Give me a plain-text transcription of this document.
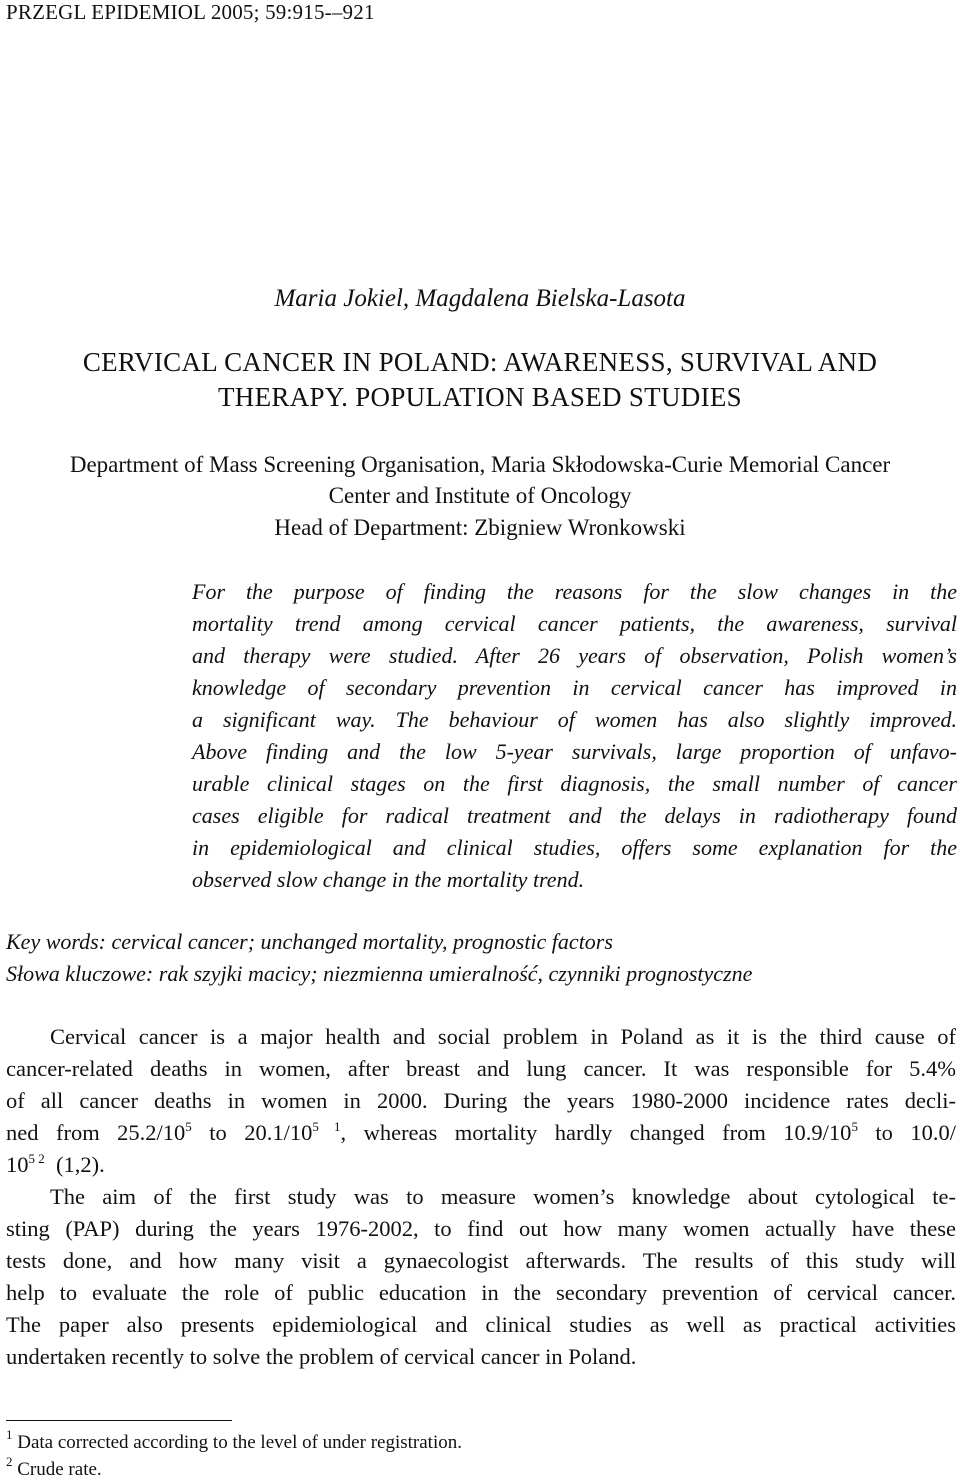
PRZEGL EPIDEMIOL 2005; 59:915-–921
Maria Jokiel, Magdalena Bielska-Lasota
CERVICAL CANCER IN POLAND: AWARENESS, SURVIVAL AND
THERAPY. POPULATION BASED STUDIES
Department of Mass Screening Organisation, Maria Skłodowska-Curie Memorial Cancer
Center and Institute of Oncology
Head of Department: Zbigniew Wronkowski
For the purpose of finding the reasons for the slow changes in the
mortality trend among cervical cancer patients, the awareness, survival
and therapy were studied. After 26 years of observation, Polish women’s
knowledge of secondary prevention in cervical cancer has improved in
a significant way. The behaviour of women has also slightly improved.
Above finding and the low 5-year survivals, large proportion of unfavo-
urable clinical stages on the first diagnosis, the small number of cancer
cases eligible for radical treatment and the delays in radiotherapy found
in epidemiological and clinical studies, offers some explanation for the
observed slow change in the mortality trend.
Key words: cervical cancer; unchanged mortality, prognostic factors
Słowa kluczowe: rak szyjki macicy; niezmienna umieralność, czynniki prognostyczne
Cervical cancer is a major health and social problem in Poland as it is the third cause of
cancer-related deaths in women, after breast and lung cancer. It was responsible for 5.4%
of all cancer deaths in women in 2000. During the years 1980-2000 incidence rates decli-
ned from $25.2/10^5$ to $20.1/10^{5 1}$, whereas mortality hardly changed from $10.9/10^5$ to 10.0/
$10^{5 2}$  (1,2).
The aim of the first study was to measure women’s knowledge about cytological te-
sting (PAP) during the years 1976-2002, to find out how many women actually have these
tests done, and how many visit a gynaecologist afterwards. The results of this study will
help to evaluate the role of public education in the secondary prevention of cervical cancer.
The paper also presents epidemiological and clinical studies as well as practical activities
undertaken recently to solve the problem of cervical cancer in Poland.
$^1$ Data corrected according to the level of under registration.
$^2$ Crude rate.
